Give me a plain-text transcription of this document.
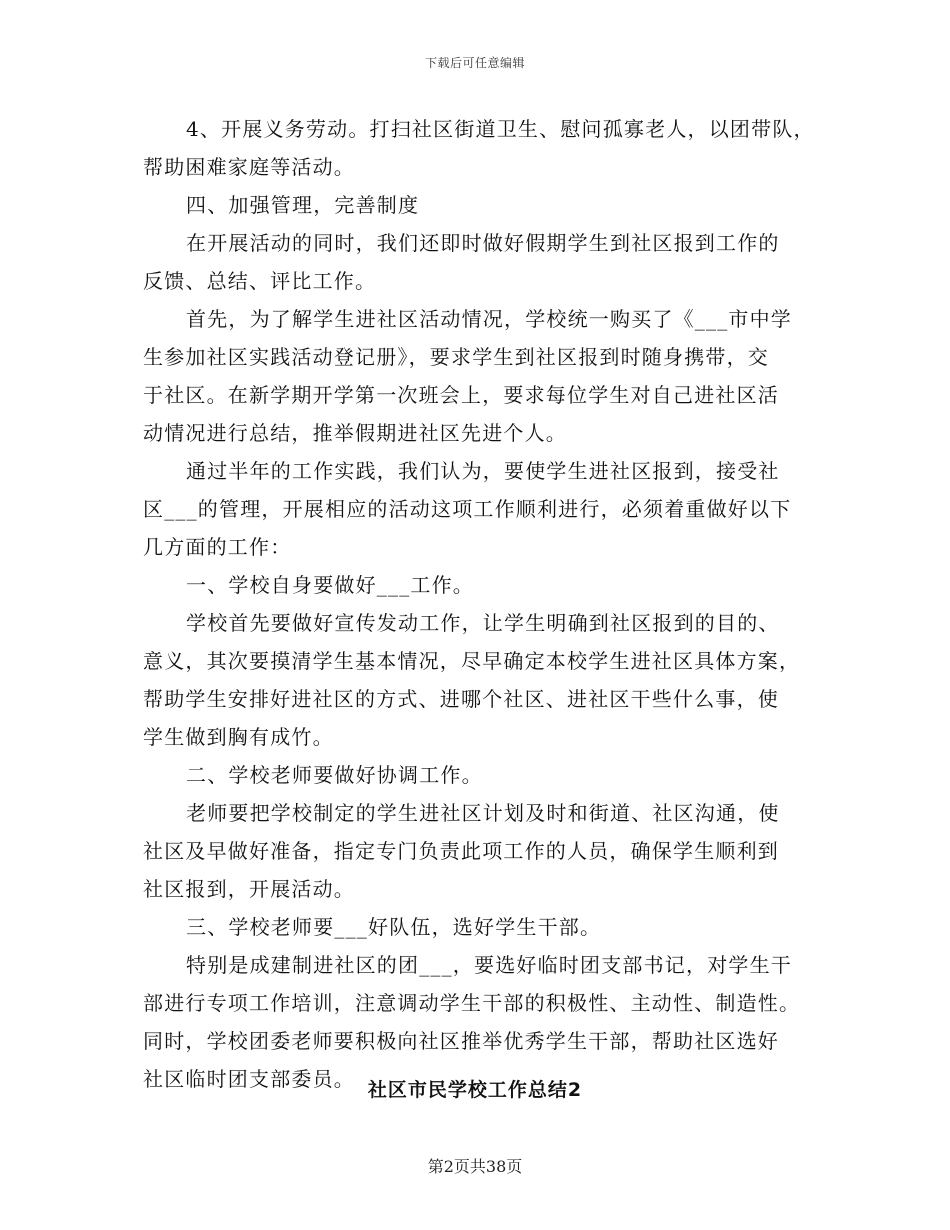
下载后可任意编辑
4、开展义务劳动。打扫社区街道卫生、慰问孤寡老人，以团带队，
帮助困难家庭等活动。
四、加强管理，完善制度
在开展活动的同时，我们还即时做好假期学生到社区报到工作的
反馈、总结、评比工作。
首先，为了解学生进社区活动情况，学校统一购买了《___市中学
生参加社区实践活动登记册》，要求学生到社区报到时随身携带，交
于社区。在新学期开学第一次班会上，要求每位学生对自己进社区活
动情况进行总结，推举假期进社区先进个人。
通过半年的工作实践，我们认为，要使学生进社区报到，接受社
区___的管理，开展相应的活动这项工作顺利进行，必须着重做好以下
几方面的工作：
一、学校自身要做好___工作。
学校首先要做好宣传发动工作，让学生明确到社区报到的目的、
意义，其次要摸清学生基本情况，尽早确定本校学生进社区具体方案，
帮助学生安排好进社区的方式、进哪个社区、进社区干些什么事，使
学生做到胸有成竹。
二、学校老师要做好协调工作。
老师要把学校制定的学生进社区计划及时和街道、社区沟通，使
社区及早做好准备，指定专门负责此项工作的人员，确保学生顺利到
社区报到，开展活动。
三、学校老师要___好队伍，选好学生干部。
特别是成建制进社区的团___，要选好临时团支部书记，对学生干
部进行专项工作培训，注意调动学生干部的积极性、主动性、制造性。
同时，学校团委老师要积极向社区推举优秀学生干部，帮助社区选好
社区临时团支部委员。 社区市民学校工作总结2
第2页共38页
